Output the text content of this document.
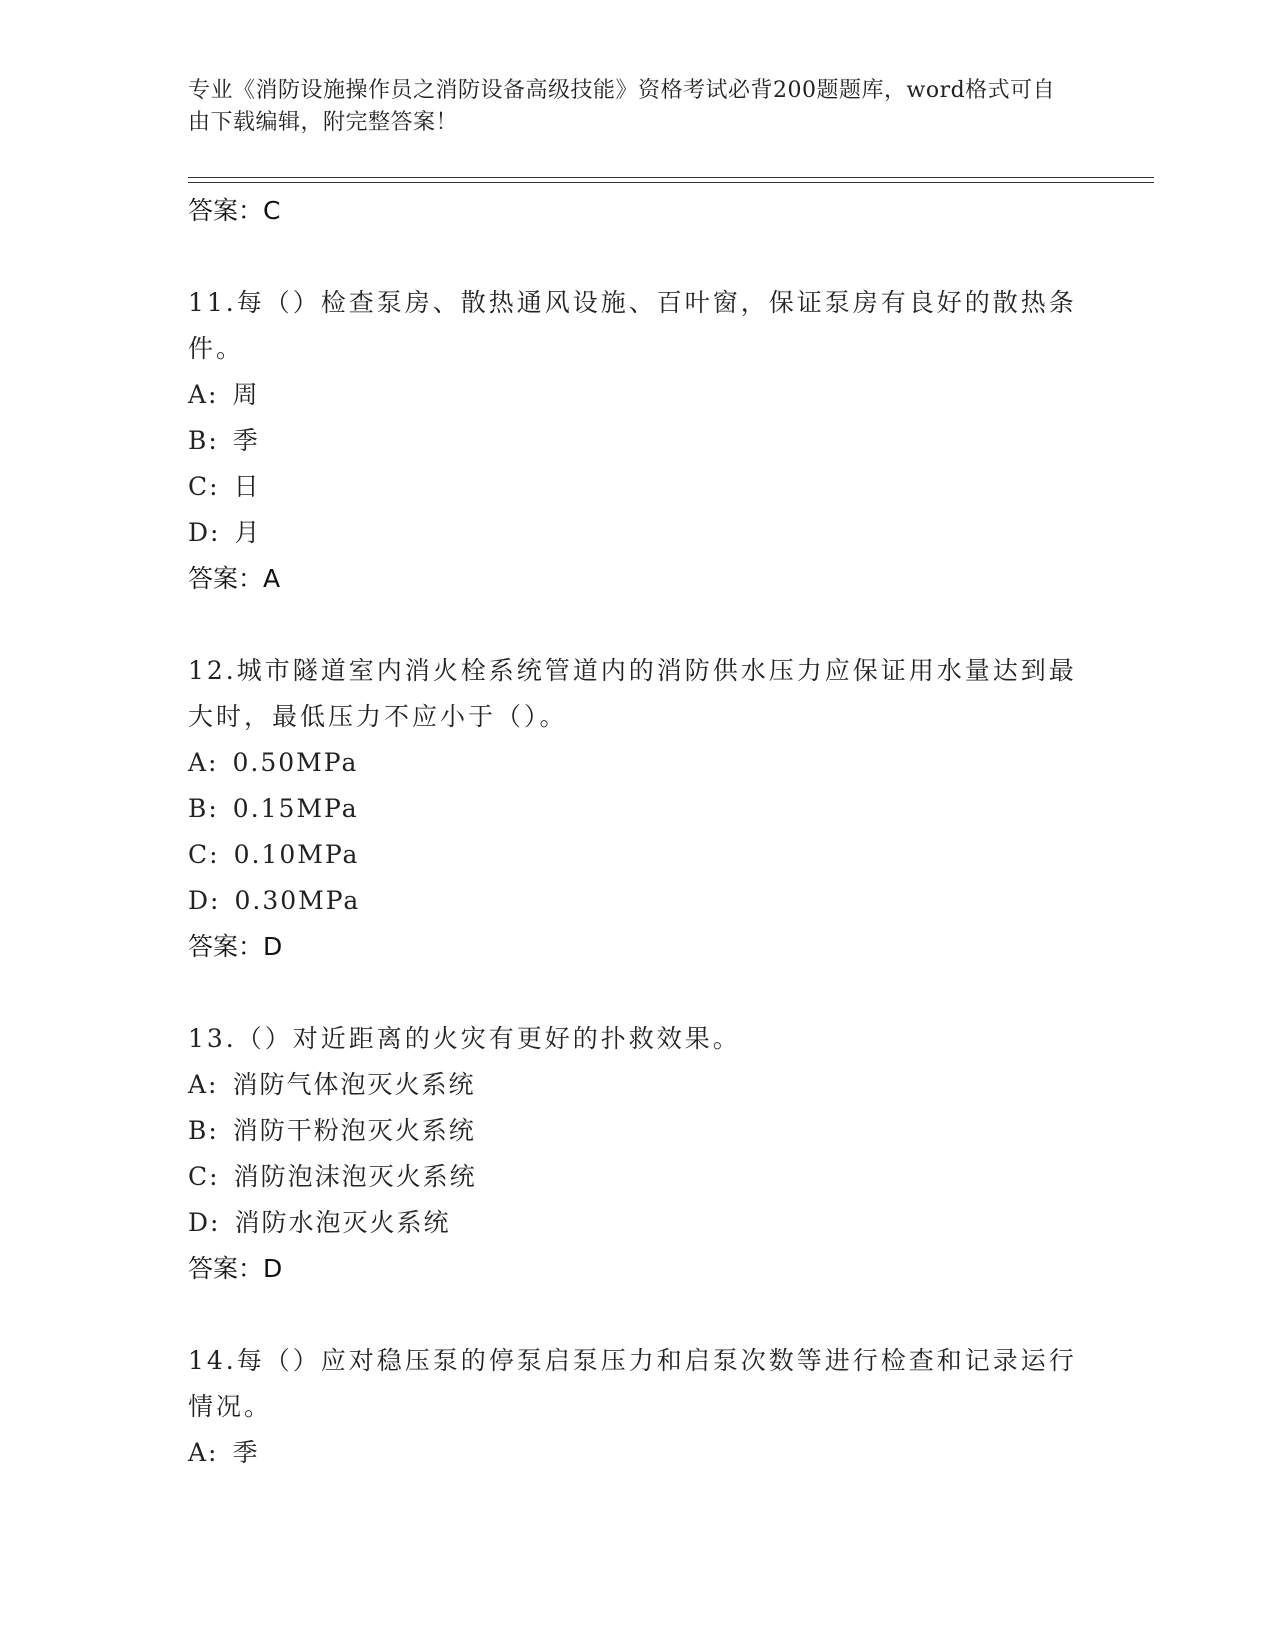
专业《消防设施操作员之消防设备高级技能》资格考试必背200题题库，word格式可自由下载编辑，附完整答案！
答案：C
11.每（）检查泵房、散热通风设施、百叶窗，保证泵房有良好的散热条件。
A: 周
B: 季
C: 日
D: 月
答案：A
12.城市隧道室内消火栓系统管道内的消防供水压力应保证用水量达到最大时，最低压力不应小于（）。
A: 0.50MPa
B: 0.15MPa
C: 0.10MPa
D: 0.30MPa
答案：D
13.（）对近距离的火灾有更好的扑救效果。
A: 消防气体泡灭火系统
B: 消防干粉泡灭火系统
C: 消防泡沫泡灭火系统
D: 消防水泡灭火系统
答案：D
14.每（）应对稳压泵的停泵启泵压力和启泵次数等进行检查和记录运行情况。
A: 季
